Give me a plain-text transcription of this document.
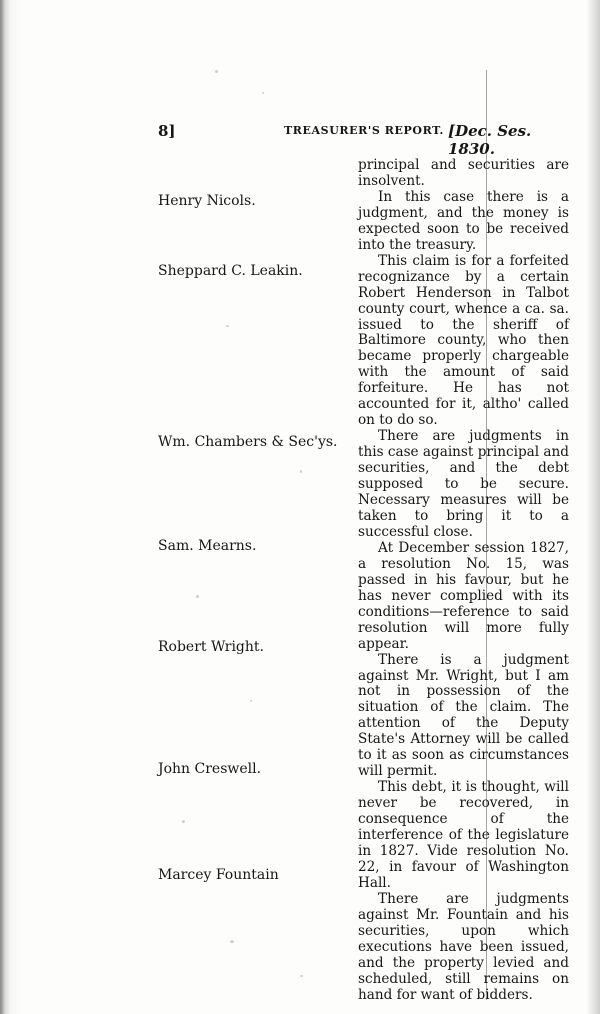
8]	TREASURER'S REPORT. [Dec. Ses. 1830.
Henry Nicols.
Sheppard C. Leakin.
Wm. Chambers & Sec'ys.
Sam. Mearns.
Robert Wright.
John Creswell.
Marcey Fountain

principal and securities are insolvent.

In this case there is a judgment, and the money is expected soon to be received into the treasury.

This claim is for a forfeited recognizance by a certain Robert Henderson in Talbot county court, whence a ca. sa. issued to the sheriff of Baltimore county, who then became properly chargeable with the amount of said forfeiture. He has not accounted for it, altho' called on to do so.

There are judgments in this case against principal and securities, and the debt supposed to be secure. Necessary measures will be taken to bring it to a successful close.

At December session 1827, a resolution No. 15, was passed in his favour, but he has never complied with its conditions—reference to said resolution will more fully appear.

There is a judgment against Mr. Wright, but I am not in possession of the situation of the claim. The attention of the Deputy State's Attorney will be called to it as soon as circumstances will permit.

This debt, it is thought, will never be recovered, in consequence of the interference of the legislature in 1827. Vide resolution No. 22, in favour of Washington Hall.

There are judgments against Mr. Fountain and his securities, upon which executions have been issued, and the property levied and scheduled, still remains on hand for want of bidders.
